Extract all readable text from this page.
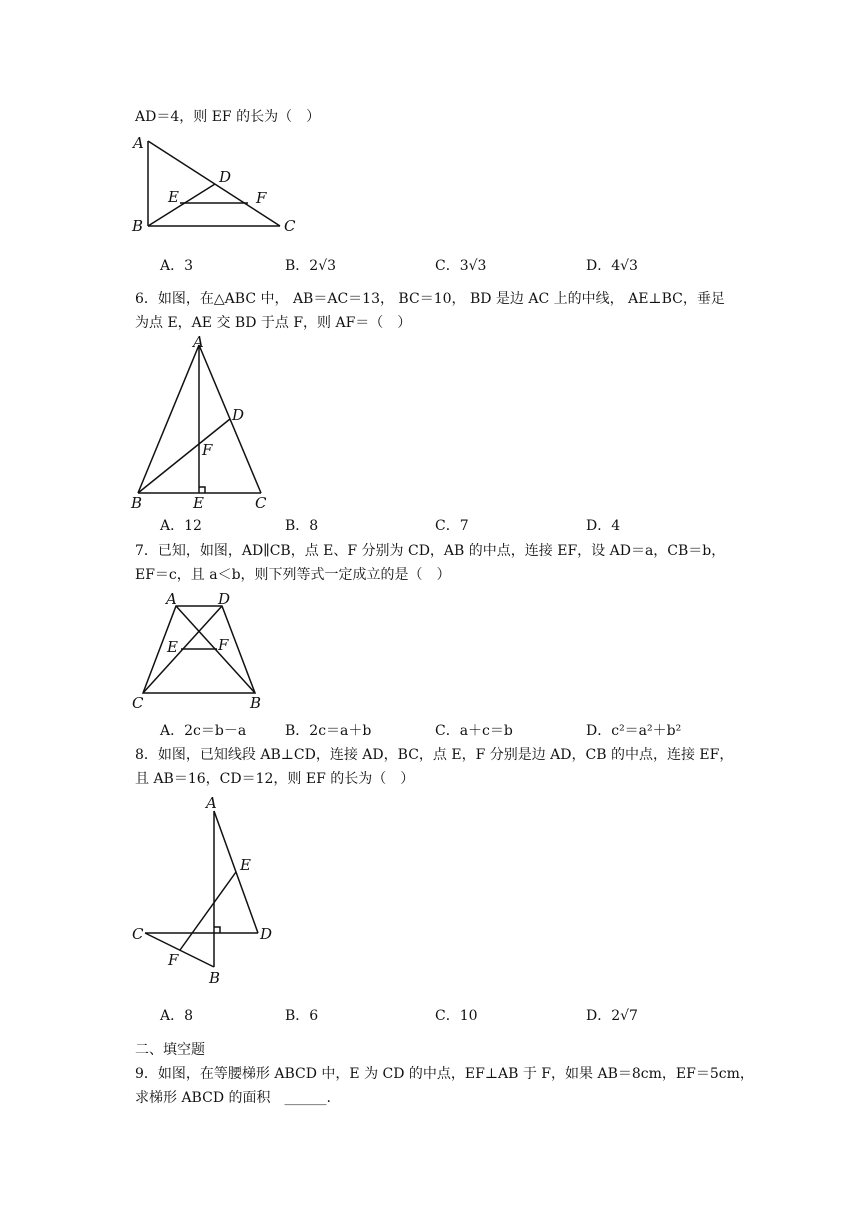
AD＝4，则 EF 的长为（　）
A
B	C
D
E	F
A．3	B．2√3	C．3√3	D．4√3
6．如图，在△ABC 中， AB＝AC＝13， BC＝10， BD 是边 AC 上的中线， AE⊥BC，垂足
为点 E，AE 交 BD 于点 F，则 AF＝（　）
A
B	C
D
E
F
A．12	B．8	C．7	D．4
7．已知，如图，AD∥CB，点 E、F 分别为 CD，AB 的中点，连接 EF，设 AD＝a，CB＝b，
EF＝c，且 a＜b，则下列等式一定成立的是（　）
A	D
C	B
E	F
A．2c＝b－a	B．2c＝a＋b	C．a＋c＝b	D．c²＝a²＋b²
8．如图，已知线段 AB⊥CD，连接 AD，BC，点 E，F 分别是边 AD，CB 的中点，连接 EF，
且 AB＝16，CD＝12，则 EF 的长为（　）
A
E
C	D
F
B
A．8	B．6	C．10	D．2√7
二、填空题
9．如图，在等腰梯形 ABCD 中，E 为 CD 的中点，EF⊥AB 于 F，如果 AB＝8cm，EF＝5cm，
求梯形 ABCD 的面积　______.
